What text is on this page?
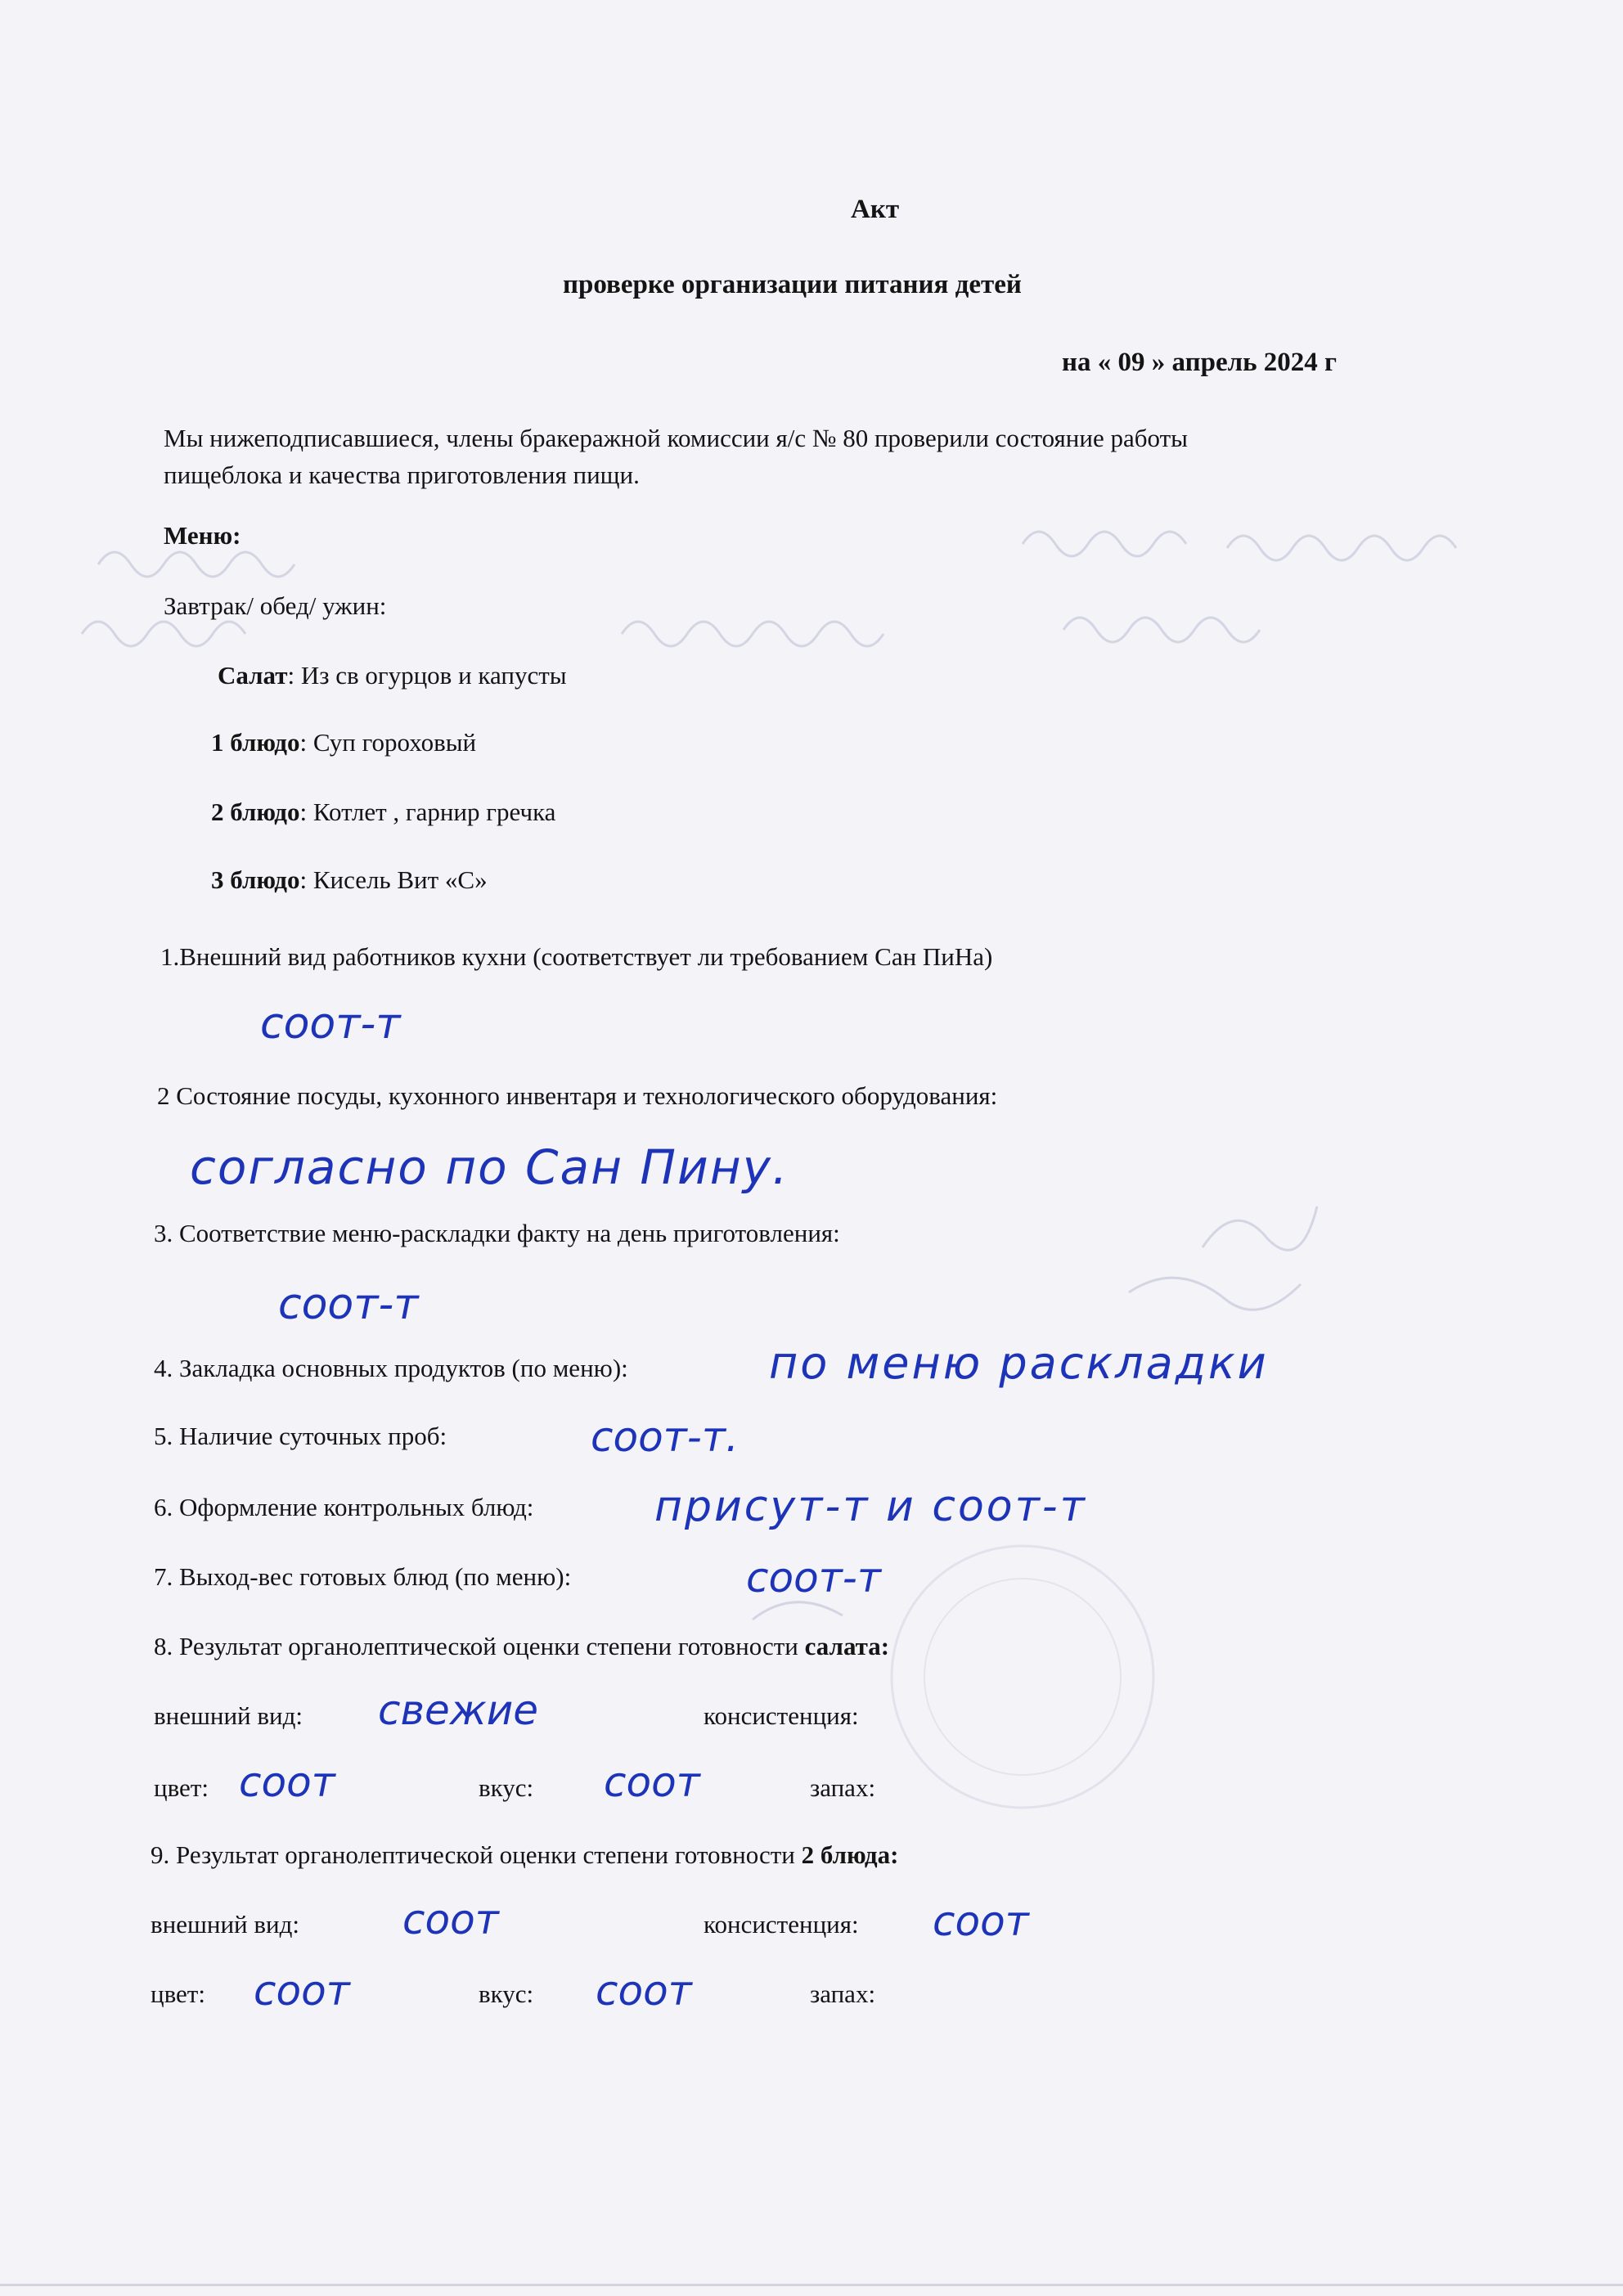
Акт
проверке организации питания детей
на « 09 » апрель 2024 г
Мы нижеподписавшиеся, члены бракеражной комиссии я/с № 80 проверили состояние работы
пищеблока и качества приготовления пищи.
Меню:
Завтрак/ обед/ ужин:
Салат: Из св огурцов и капусты
1 блюдо: Суп гороховый
2 блюдо: Котлет , гарнир гречка
3 блюдо: Кисель Вит «С»
1.Внешний вид работников кухни (соответствует ли требованием Сан ПиНа)
соот-т
2 Состояние посуды, кухонного инвентаря и технологического оборудования:
согласно по Сан Пину.
3. Соответствие меню-раскладки факту на день приготовления:
соот-т
4. Закладка основных продуктов (по меню):	по меню раскладки
5. Наличие суточных проб:	соот-т.
6. Оформление контрольных блюд:	присут-т и соот-т
7. Выход-вес готовых блюд (по меню):	соот-т
8. Результат органолептической оценки степени готовности салата:
внешний вид: свежие	консистенция:
цвет: соот	вкус: соот	запах:
9. Результат органолептической оценки степени готовности 2 блюда:
внешний вид:	соот	консистенция: соот
цвет: соот	вкус: соот	запах:
